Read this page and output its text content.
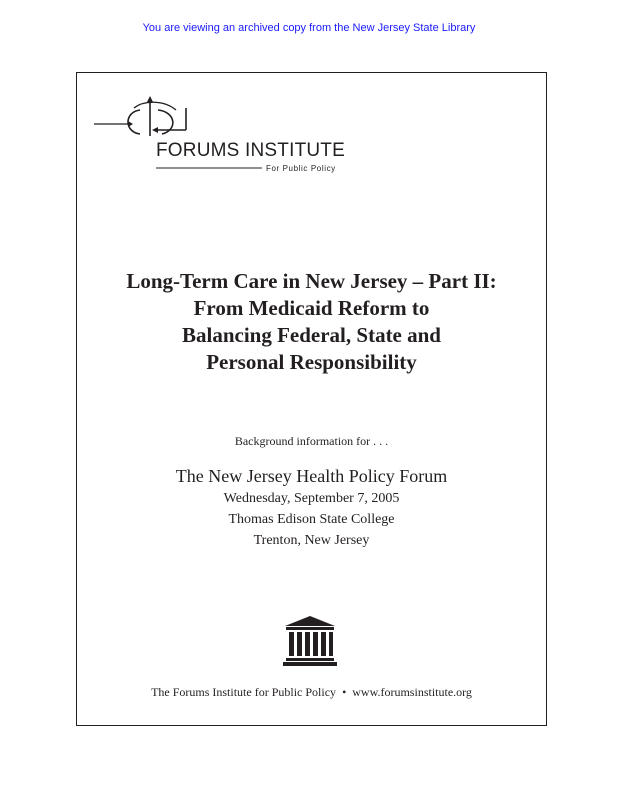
You are viewing an archived copy from the New Jersey State Library
FORUMS INSTITUTE
For Public Policy
Long-Term Care in New Jersey – Part II:
From Medicaid Reform to
Balancing Federal, State and
Personal Responsibility
Background information for . . .
The New Jersey Health Policy Forum
Wednesday, September 7, 2005
Thomas Edison State College
Trenton, New Jersey
The Forums Institute for Public Policy • www.forumsinstitute.org
